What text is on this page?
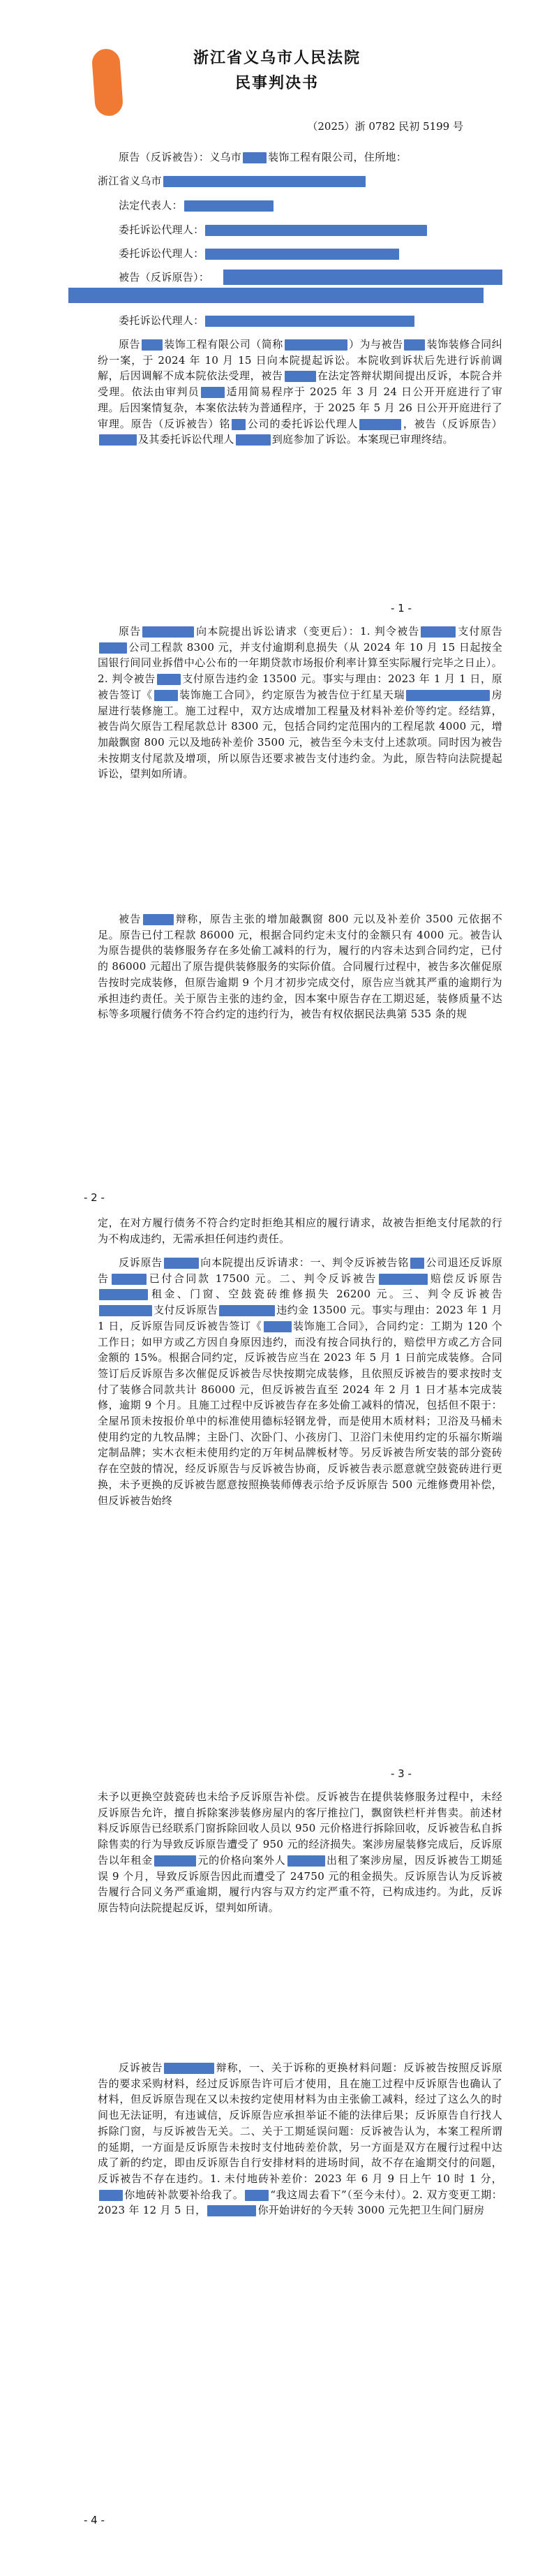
浙江省义乌市人民法院
民事判决书
（2025）浙 0782 民初 5199 号
原告（反诉被告）：义乌市	装饰工程有限公司，住所地：
浙江省义乌市
法定代表人：
委托诉讼代理人：
委托诉讼代理人：
被告（反诉原告）：
委托诉讼代理人：

原告 装饰工程有限公司（简称	）为与被告 装饰装修合同纠纷一案，于 2024 年 10 月 15 日向本院提起诉讼。本院收到诉状后先进行诉前调解，后因调解不成本院依法受理，被告	在法定答辩状期间提出反诉，本院合并受理。依法由审判员	适用简易程序于 2025 年 3 月 24 日公开开庭进行了审理。后因案情复杂，本案依法转为普通程序，于 2025 年 5 月 26 日公开开庭进行了审理。原告（反诉被告）铭 公司的委托诉讼代理人	，被告（反诉原告）及其委托诉讼代理人	到庭参加了诉讼。本案现已审理终结。

- 1 -

原告	向本院提出诉讼请求（变更后）：1. 判令被告	支付原告公司工程款 8300 元，并支付逾期利息损失（从 2024 年 10 月 15 日起按全国银行间同业拆借中心公布的一年期贷款市场报价利率计算至实际履行完毕之日止）。2. 判令被告	支付原告违约金 13500 元。事实与理由：2023 年 1 月 1 日，原被告签订《	装饰施工合同》，约定原告为被告位于红星天瑞	房屋进行装修施工。施工过程中，双方达成增加工程量及材料补差价等约定。经结算，被告尚欠原告工程尾款总计 8300 元，包括合同约定范围内的工程尾款 4000 元，增加敲飘窗 800 元以及地砖补差价 3500 元，被告至今未支付上述款项。同时因为被告未按期支付尾款及增项，所以原告还要求被告支付违约金。为此，原告特向法院提起诉讼，望判如所请。

被告	辩称，原告主张的增加敲飘窗 800 元以及补差价 3500 元依据不足。原告已付工程款 86000 元，根据合同约定未支付的金额只有 4000 元。被告认为原告提供的装修服务存在多处偷工减料的行为，履行的内容未达到合同约定，已付的 86000 元超出了原告提供装修服务的实际价值。合同履行过程中，被告多次催促原告按时完成装修，但原告逾期 9 个月才初步完成交付，原告应当就其严重的逾期行为承担违约责任。关于原告主张的违约金，因本案中原告存在工期迟延，装修质量不达标等多项履行债务不符合约定的违约行为，被告有权依据民法典第 535 条的规

- 2 -

定，在对方履行债务不符合约定时拒绝其相应的履行请求，故被告拒绝支付尾款的行为不构成违约，无需承担任何违约责任。

反诉原告	向本院提出反诉请求：一、判令反诉被告铭 公司退还反诉原告	已付合同款 17500 元。二、判令反诉被告	赔偿反诉原告租金、门窗、空鼓瓷砖维修损失 26200 元。三、判令反诉被告支付反诉原告	违约金 13500 元。事实与理由：2023 年 1 月 1 日，反诉原告同反诉被告签订《	装饰施工合同》，合同约定：工期为 120 个工作日；如甲方或乙方因自身原因违约，而没有按合同执行的，赔偿甲方或乙方合同金额的 15%。根据合同约定，反诉被告应当在 2023 年 5 月 1 日前完成装修。合同签订后反诉原告多次催促反诉被告尽快按期完成装修，且依照反诉被告的要求按时支付了装修合同款共计 86000 元，但反诉被告直至 2024 年 2 月 1 日才基本完成装修，逾期 9 个月。且施工过程中反诉被告存在多处偷工减料的情况，包括但不限于：全屋吊顶未按报价单中的标准使用德标轻钢龙骨，而是使用木质材料；卫浴及马桶未使用约定的九牧品牌；主卧门、次卧门、小孩房门、卫浴门未使用约定的乐福尔斯端定制品牌；实木衣柜未使用约定的万年树品牌板材等。另反诉被告所安装的部分瓷砖存在空鼓的情况，经反诉原告与反诉被告协商，反诉被告表示愿意就空鼓瓷砖进行更换，未予更换的反诉被告愿意按照换装师傅表示给予反诉原告 500 元维修费用补偿，但反诉被告始终

- 3 -

未予以更换空鼓瓷砖也未给予反诉原告补偿。反诉被告在提供装修服务过程中，未经反诉原告允许，擅自拆除案涉装修房屋内的客厅推拉门，飘窗铁栏杆并售卖。前述材料反诉原告已经联系门窗拆除回收人员以 950 元价格进行拆除回收，反诉被告私自拆除售卖的行为导致反诉原告遭受了 950 元的经济损失。案涉房屋装修完成后，反诉原告以年租金	元的价格向案外人	出租了案涉房屋，因反诉被告工期延误 9 个月，导致反诉原告因此而遭受了 24750 元的租金损失。反诉原告认为反诉被告履行合同义务严重逾期，履行内容与双方约定严重不符，已构成违约。为此，反诉原告特向法院提起反诉，望判如所请。

反诉被告	辩称，一、关于诉称的更换材料问题：反诉被告按照反诉原告的要求采购材料，经过反诉原告许可后才使用，且在施工过程中反诉原告也确认了材料，但反诉原告现在又以未按约定使用材料为由主张偷工减料，经过了这么久的时间也无法证明，有违诚信，反诉原告应承担举证不能的法律后果；反诉原告自行找人拆除门窗，与反诉被告无关。二、关于工期延误问题：反诉被告认为，本案工程所谓的延期，一方面是反诉原告未按时支付地砖差价款，另一方面是双方在履行过程中达成了新的约定，即由反诉原告自行安排材料的进场时间，故不存在逾期交付的问题，反诉被告不存在违约。1. 未付地砖补差价：2023 年 6 月 9 日上午 10 时 1 分，你地砖补款要补给我了。	“我这周去看下”（至今未付）。2. 双方变更工期：2023 年 12 月 5 日，	你开始讲好的今天转 3000 元先把卫生间门厨房

- 4 -
